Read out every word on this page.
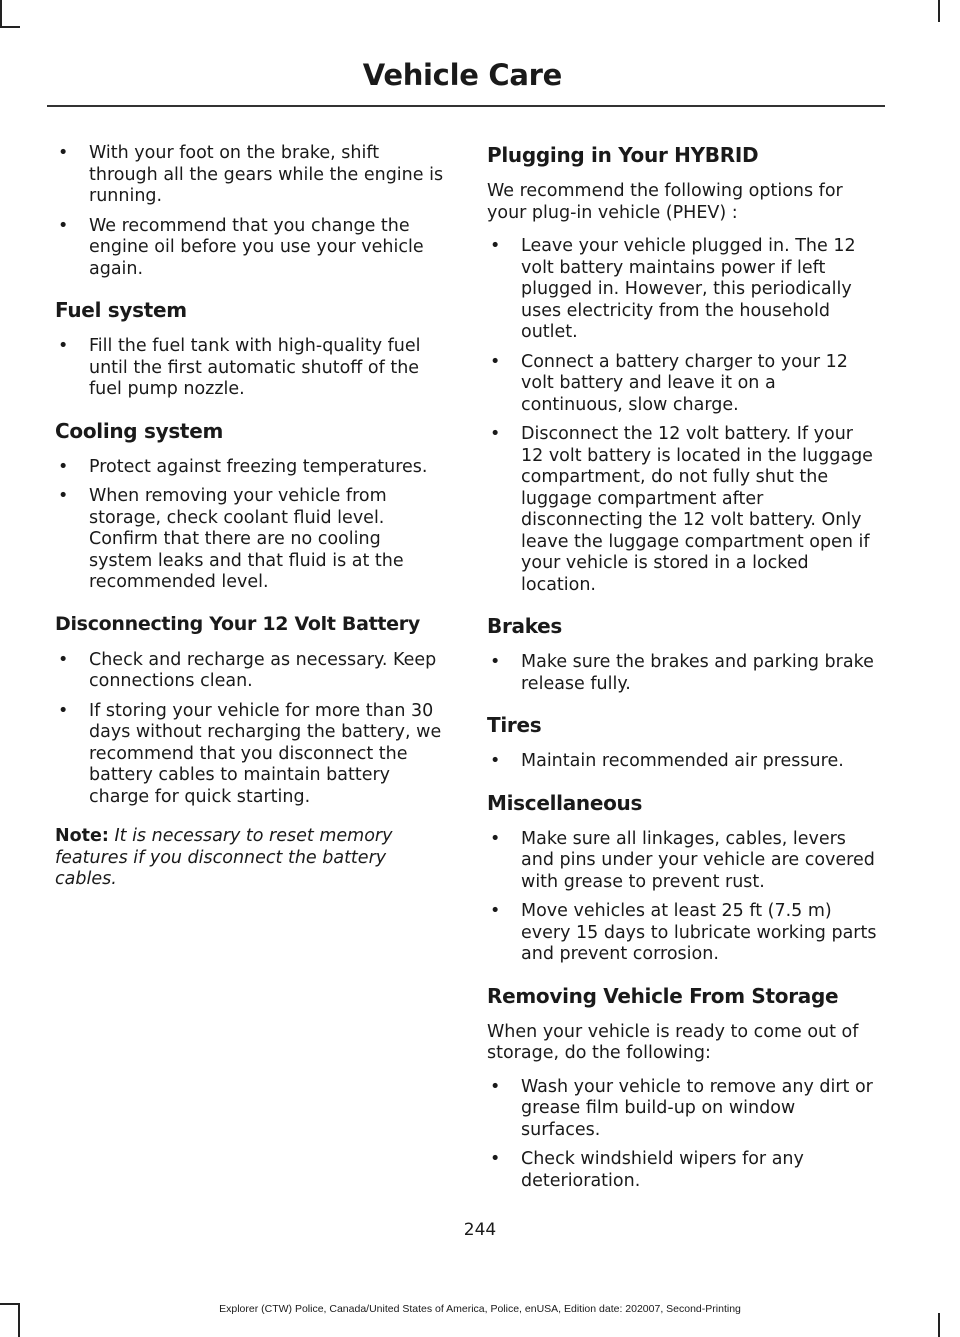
Vehicle Care
• With your foot on the brake, shift through all the gears while the engine is running.
• We recommend that you change the engine oil before you use your vehicle again.
Fuel system
• Fill the fuel tank with high-quality fuel until the first automatic shutoff of the fuel pump nozzle.
Cooling system
• Protect against freezing temperatures.
• When removing your vehicle from storage, check coolant fluid level. Confirm that there are no cooling system leaks and that fluid is at the recommended level.
Disconnecting Your 12 Volt Battery
• Check and recharge as necessary. Keep connections clean.
• If storing your vehicle for more than 30 days without recharging the battery, we recommend that you disconnect the battery cables to maintain battery charge for quick starting.

Note: It is necessary to reset memory features if you disconnect the battery cables.

Plugging in Your HYBRID

We recommend the following options for your plug-in vehicle (PHEV) :

• Leave your vehicle plugged in. The 12 volt battery maintains power if left plugged in. However, this periodically uses electricity from the household outlet.
• Connect a battery charger to your 12 volt battery and leave it on a continuous, slow charge.
• Disconnect the 12 volt battery. If your 12 volt battery is located in the luggage compartment, do not fully shut the luggage compartment after disconnecting the 12 volt battery. Only leave the luggage compartment open if your vehicle is stored in a locked location.
Brakes
• Make sure the brakes and parking brake release fully.
Tires
• Maintain recommended air pressure.
Miscellaneous
• Make sure all linkages, cables, levers and pins under your vehicle are covered with grease to prevent rust.
• Move vehicles at least 25 ft (7.5 m) every 15 days to lubricate working parts and prevent corrosion.
Removing Vehicle From Storage

When your vehicle is ready to come out of storage, do the following:

• Wash your vehicle to remove any dirt or grease film build-up on window surfaces.
• Check windshield wipers for any deterioration.
244
Explorer (CTW) Police, Canada/United States of America, Police, enUSA, Edition date: 202007, Second-Printing
